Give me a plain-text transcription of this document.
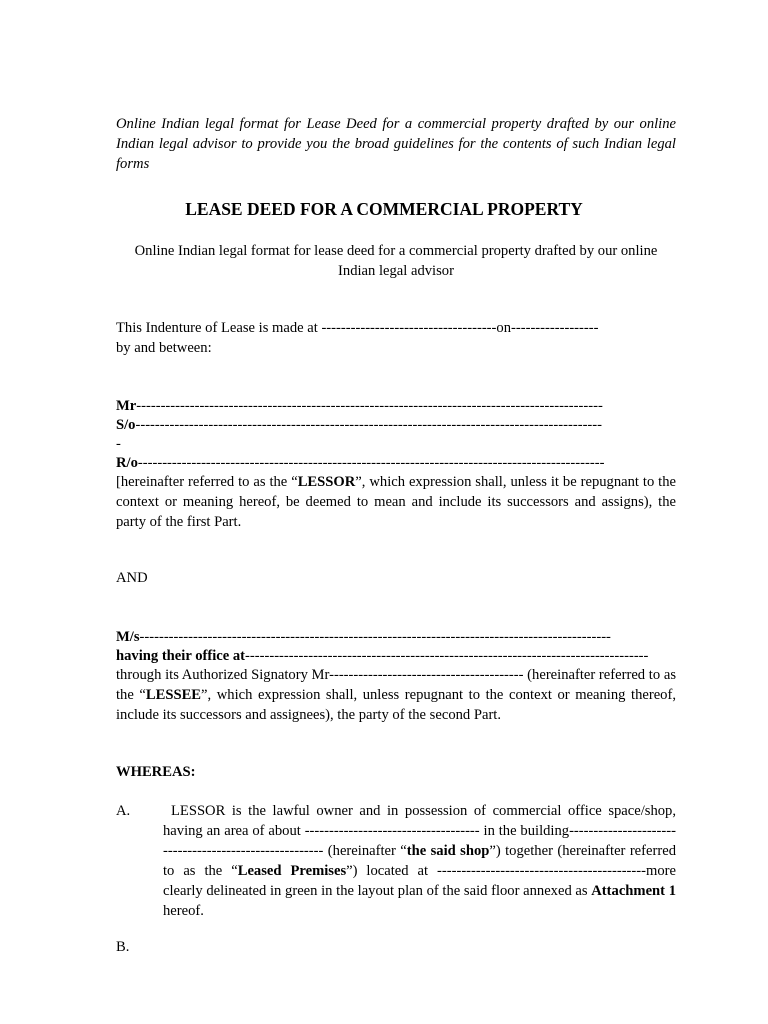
Online Indian legal format for Lease Deed for a commercial property drafted by our online Indian legal advisor to provide you the broad guidelines for the contents of such Indian legal forms
LEASE DEED FOR A COMMERCIAL PROPERTY
Online Indian legal format for lease deed for a commercial property drafted by our online Indian legal advisor
This Indenture of Lease is made at ------------------------------------on------------------
by and between:
Mr------------------------------------------------------------------------------------------------
S/o------------------------------------------------------------------------------------------------
-
R/o------------------------------------------------------------------------------------------------
[hereinafter referred to as the “LESSOR”, which expression shall, unless it be repugnant to the context or meaning hereof, be deemed to mean and include its successors and assigns), the party of the first Part.
AND
M/s-------------------------------------------------------------------------------------------------
having their office at-----------------------------------------------------------------------------------
through its Authorized Signatory Mr---------------------------------------- (hereinafter referred to as the “LESSEE”, which expression shall, unless repugnant to the context or meaning thereof, include its successors and assignees), the party of the second Part.
WHEREAS:
A.	LESSOR is the lawful owner and in possession of commercial office space/shop, having an area of about ------------------------------------ in the building------------------------------------------------------- (hereinafter “the said shop”) together (hereinafter referred to as the “Leased Premises”) located at -------------------------------------------more clearly delineated in green in the layout plan of the said floor annexed as Attachment 1 hereof.
B.
